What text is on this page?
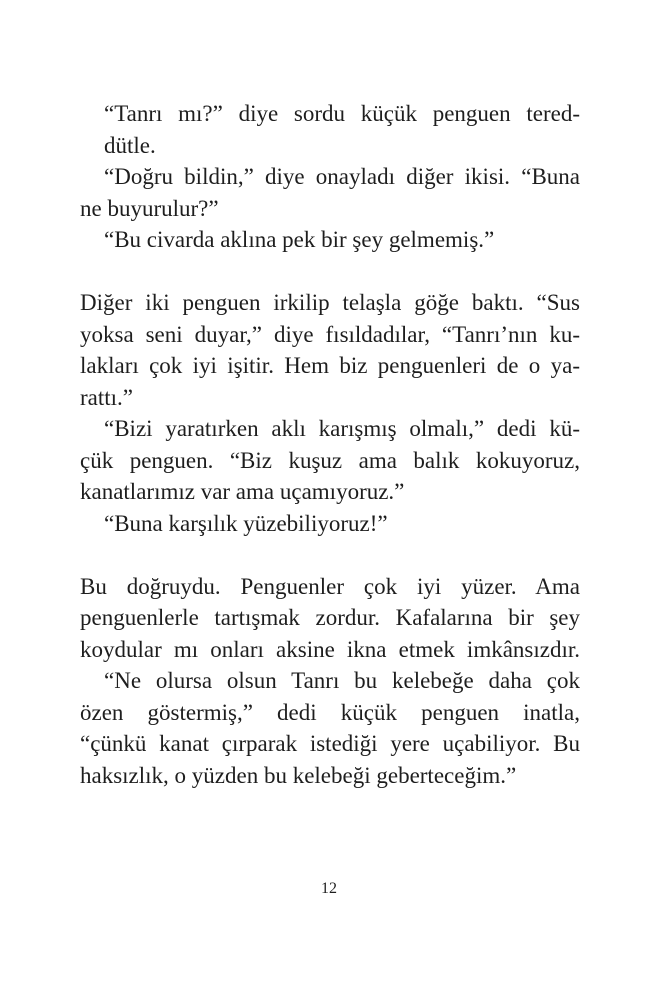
“Tanrı mı?” diye sordu küçük penguen tered-
dütle.
“Doğru bildin,” diye onayladı diğer ikisi. “Buna
ne buyurulur?”
“Bu civarda aklına pek bir şey gelmemiş.”
Diğer iki penguen irkilip telaşla göğe baktı. “Sus
yoksa seni duyar,” diye fısıldadılar, “Tanrı’nın ku-
lakları çok iyi işitir. Hem biz penguenleri de o ya-
rattı.”
“Bizi yaratırken aklı karışmış olmalı,” dedi kü-
çük penguen. “Biz kuşuz ama balık kokuyoruz,
kanatlarımız var ama uçamıyoruz.”
“Buna karşılık yüzebiliyoruz!”
Bu doğruydu. Penguenler çok iyi yüzer. Ama
penguenlerle tartışmak zordur. Kafalarına bir şey
koydular mı onları aksine ikna etmek imkânsızdır.
“Ne olursa olsun Tanrı bu kelebeğe daha çok
özen göstermiş,” dedi küçük penguen inatla,
“çünkü kanat çırparak istediği yere uçabiliyor. Bu
haksızlık, o yüzden bu kelebeği geberteceğim.”
12
